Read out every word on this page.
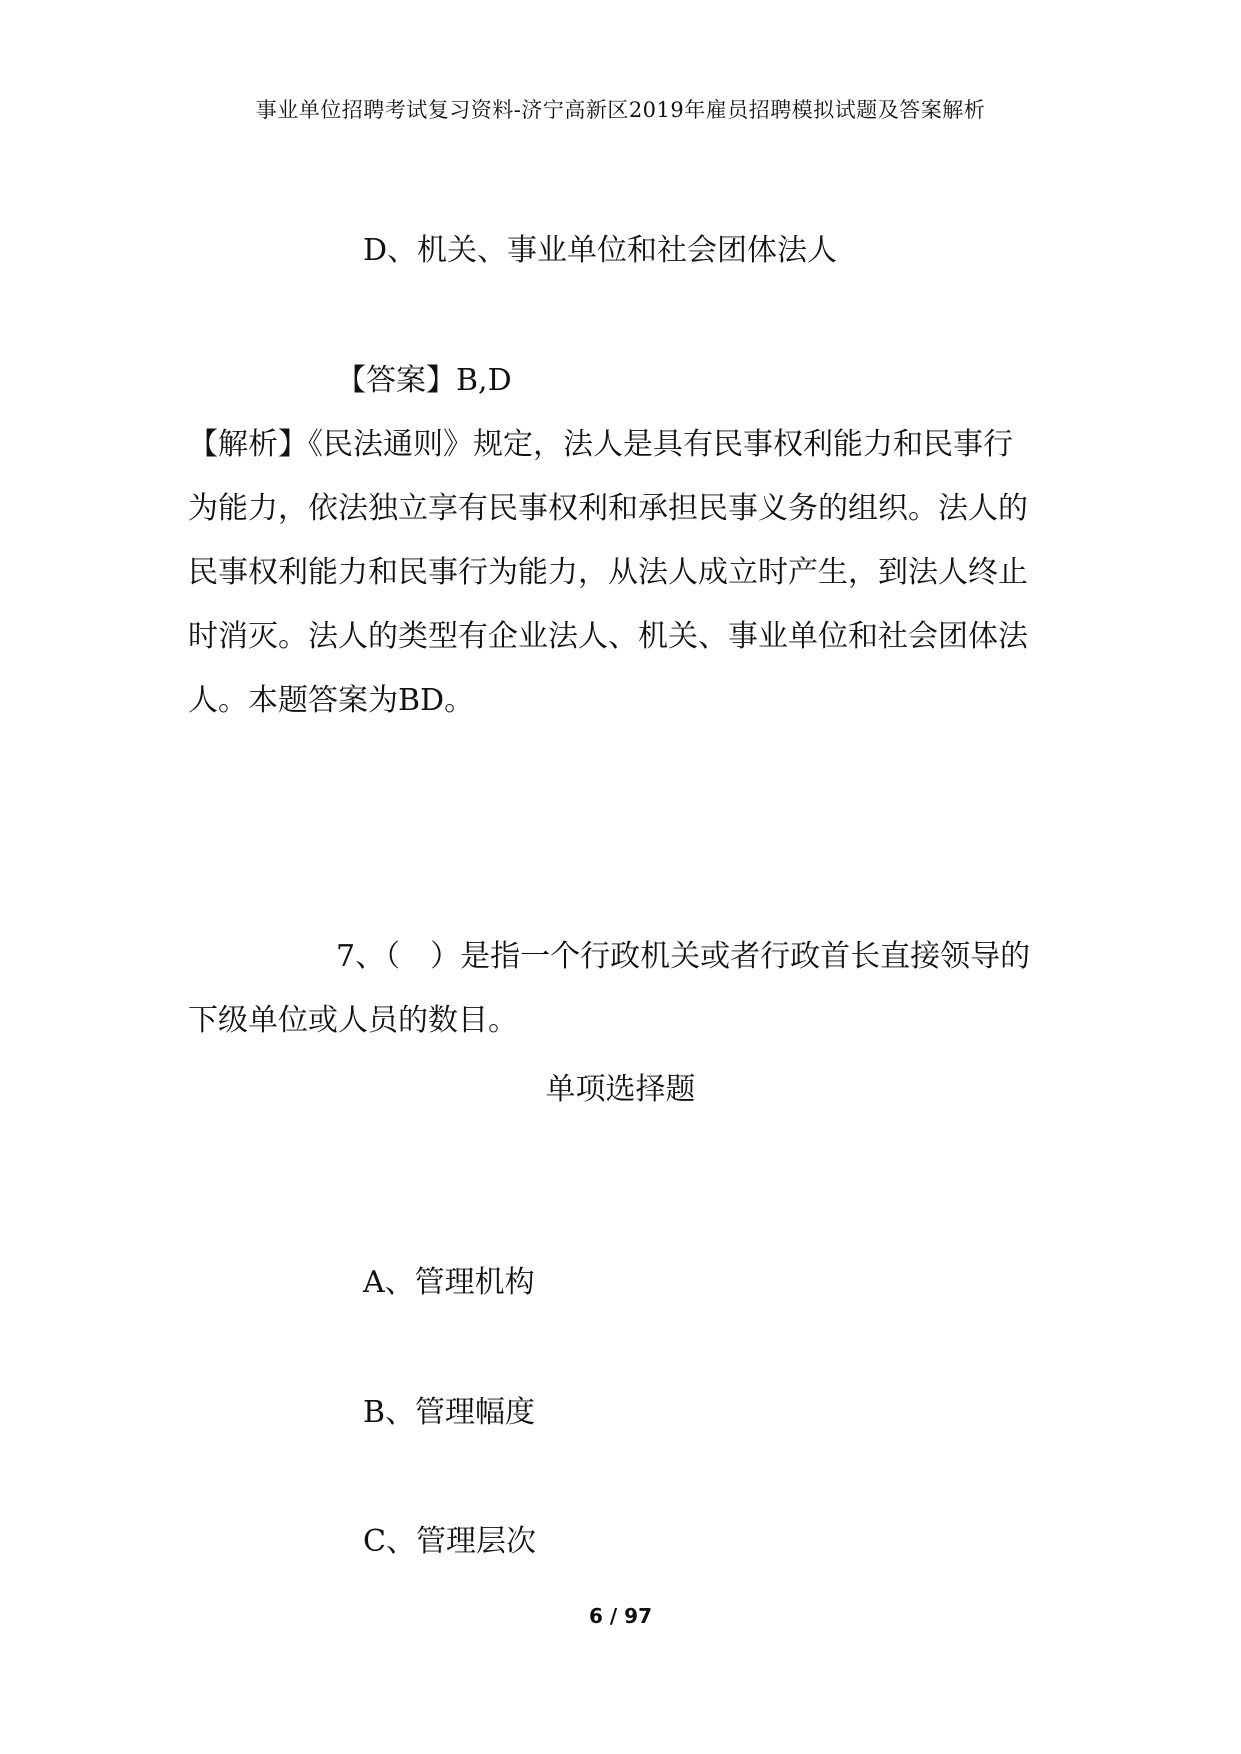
事业单位招聘考试复习资料-济宁高新区2019年雇员招聘模拟试题及答案解析
D、机关、事业单位和社会团体法人
【答案】B,D
【解析】《民法通则》规定，法人是具有民事权利能力和民事行
为能力，依法独立享有民事权利和承担民事义务的组织。法人的
民事权利能力和民事行为能力，从法人成立时产生，到法人终止
时消灭。法人的类型有企业法人、机关、事业单位和社会团体法
人。本题答案为BD。
7、（　）是指一个行政机关或者行政首长直接领导的
下级单位或人员的数目。
单项选择题
A、管理机构
B、管理幅度
C、管理层次
6 / 97
